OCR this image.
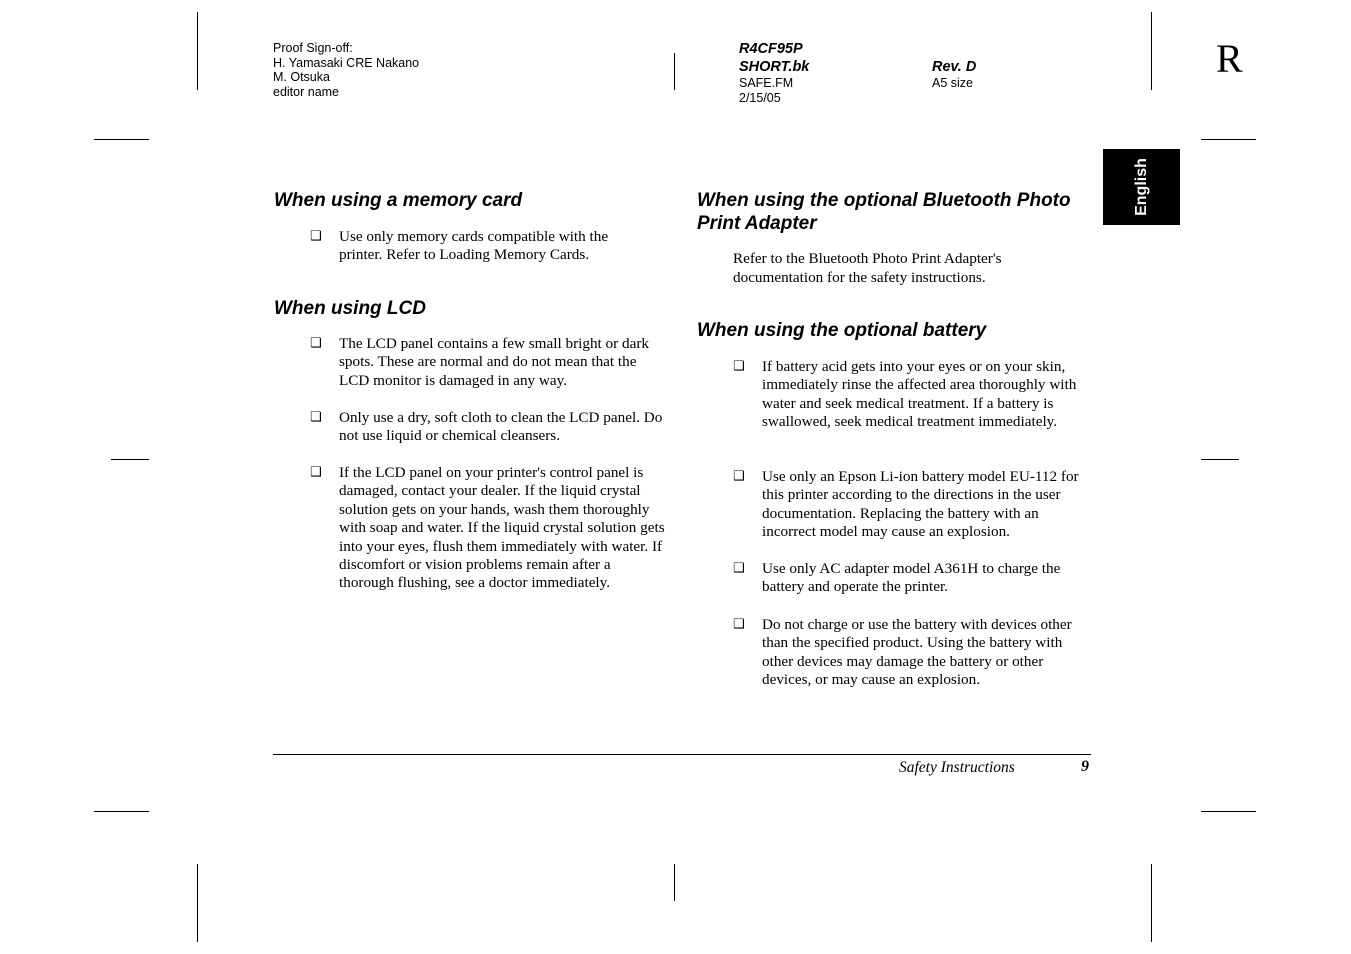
Proof Sign-off:
H. Yamasaki CRE Nakano
M. Otsuka
editor name
R4CF95P
SHORT.bk
SAFE.FM
2/15/05
Rev. D
A5 size
R
English
When using a memory card
❑ Use only memory cards compatible with the printer. Refer to Loading Memory Cards.

When using LCD
❑ The LCD panel contains a few small bright or dark spots. These are normal and do not mean that the LCD monitor is damaged in any way.

❑ Only use a dry, soft cloth to clean the LCD panel. Do not use liquid or chemical cleansers.

❑ If the LCD panel on your printer's control panel is damaged, contact your dealer. If the liquid crystal solution gets on your hands, wash them thoroughly with soap and water. If the liquid crystal solution gets into your eyes, flush them immediately with water. If discomfort or vision problems remain after a thorough flushing, see a doctor immediately.

When using the optional Bluetooth Photo Print Adapter

Refer to the Bluetooth Photo Print Adapter's documentation for the safety instructions.

When using the optional battery
❑ If battery acid gets into your eyes or on your skin, immediately rinse the affected area thoroughly with water and seek medical treatment. If a battery is swallowed, seek medical treatment immediately.

❑ Use only an Epson Li-ion battery model EU-112 for this printer according to the directions in the user documentation. Replacing the battery with an incorrect model may cause an explosion.

❑ Use only AC adapter model A361H to charge the battery and operate the printer.

❑ Do not charge or use the battery with devices other than the specified product. Using the battery with other devices may damage the battery or other devices, or may cause an explosion.

Safety Instructions	9
